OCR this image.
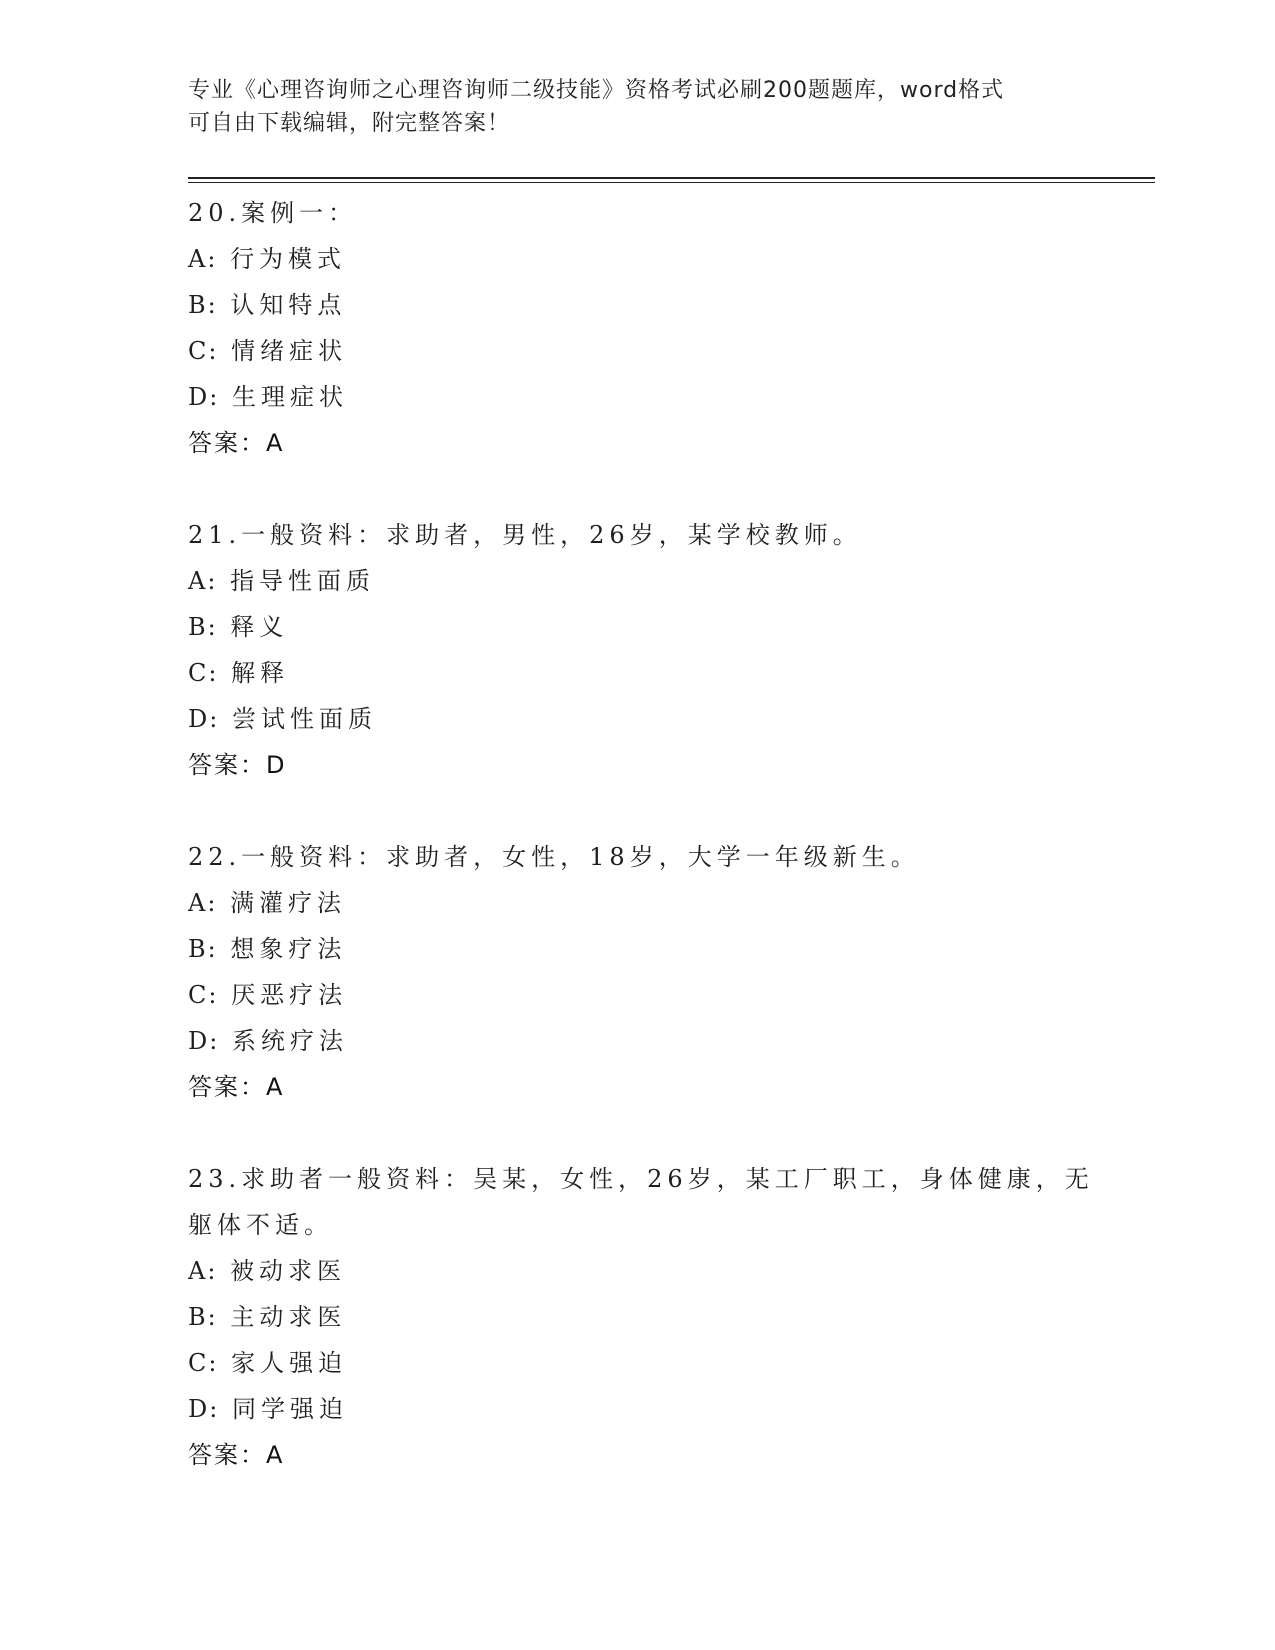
专业《心理咨询师之心理咨询师二级技能》资格考试必刷200题题库，word格式
可自由下载编辑，附完整答案！
20.案例一：
A: 行为模式
B: 认知特点
C: 情绪症状
D: 生理症状
答案：A
21.一般资料：求助者，男性，26岁，某学校教师。
A: 指导性面质
B: 释义
C: 解释
D: 尝试性面质
答案：D
22.一般资料：求助者，女性，18岁，大学一年级新生。
A: 满灌疗法
B: 想象疗法
C: 厌恶疗法
D: 系统疗法
答案：A
23.求助者一般资料：吴某，女性，26岁，某工厂职工，身体健康，无
躯体不适。
A: 被动求医
B: 主动求医
C: 家人强迫
D: 同学强迫
答案：A
